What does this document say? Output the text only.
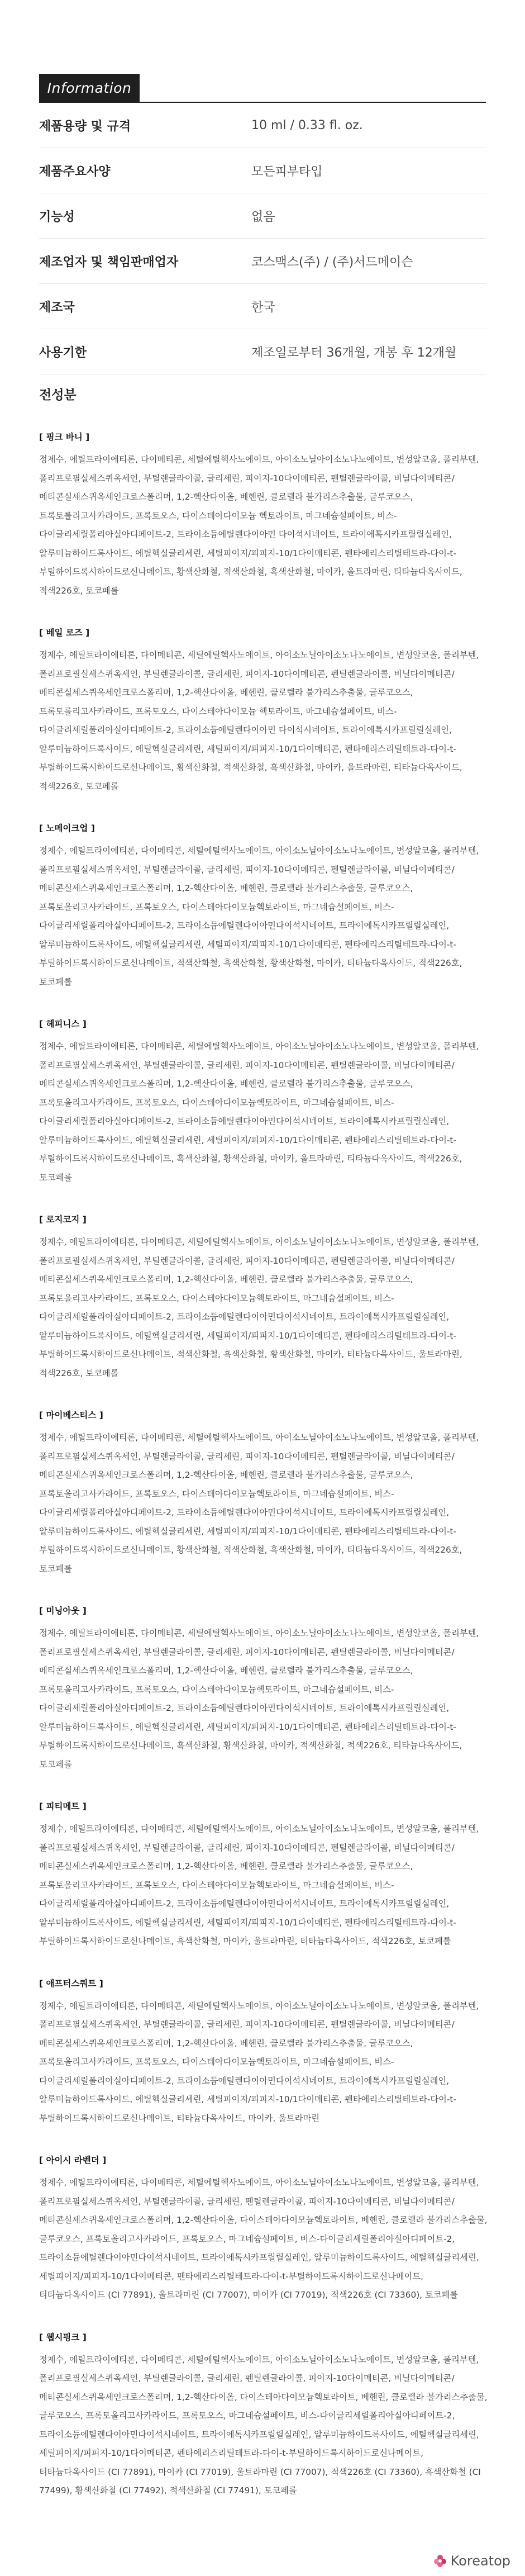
Information
제품용량 및 규격	10 ml / 0.33 fl. oz.
제품주요사양	모든피부타입
기능성	없음
제조업자 및 책임판매업자	코스맥스(주) / (주)서드메이슨
제조국	한국
사용기한	제조일로부터 36개월, 개봉 후 12개월
전성분
[ 핑크 바니 ]
정제수, 에틸트라이에티론, 다이메티콘, 세틸에틸헥사노에이트, 아이소노닐아이소노나노에이트, 변성알코올, 폴리부텐, 폴리프로필실세스퀴옥세인, 부틸렌글라이콜, 글리세린, 피이지-10다이메티콘, 펜틸렌글라이콜, 비닐다이메티콘/메티콘실세스퀴옥세인크로스폴리머, 1,2-헥산다이올, 베헨린, 클로렐라 불가리스추출물, 글루코오스, 트록토롤리고사카라이드, 프록토오스, 다이스테아다이모늄 헥토라이트, 마그네슘설페이트, 비스-다이글리세릴폴리아실아디페이트-2, 트라이소듐에틸렌다이아민 다이석시네이트, 트라이에톡시카프릴릴실레인, 알루미늄하이드록사이드, 에틸헥실글리세린, 세틸피이지/피피지-10/1다이메티콘, 펜타에리스리틸테트라-다이-t-부틸하이드록시하이드로신나메이트, 황색산화철, 적색산화철, 흑색산화철, 마이카, 울트라마린, 티타늄다옥사이드, 적색226호, 토코페롤
[ 베일 로즈 ]
정제수, 에틸트라이에티론, 다이메티콘, 세틸에틸헥사노에이트, 아이소노닐아이소노나노에이트, 변성알코올, 폴리부텐, 폴리프로필실세스퀴옥세인, 부틸렌글라이콜, 글리세린, 피이지-10다이메티콘, 펜틸렌글라이콜, 비닐다이메티콘/메티콘실세스퀴옥세인크로스폴리머, 1,2-헥산다이올, 베헨린, 클로렐라 불가리스추출물, 글루코오스, 트록토롤리고사카라이드, 프록토오스, 다이스테아다이모늄 헥토라이트, 마그네슘설페이트, 비스-다이글리세릴폴리아실아디페이트-2, 트라이소듐에틸렌다이아민 다이석시네이트, 트라이에톡시카프릴릴실레인, 알루미늄하이드록사이드, 에틸헥실글리세린, 세틸피이지/피피지-10/1다이메티콘, 펜타에리스리틸테트라-다이-t-부틸하이드록시하이드로신나메이트, 황색산화철, 적색산화철, 흑색산화철, 마이카, 울트라마린, 티타늄다옥사이드, 적색226호, 토코페롤
[ 노메이크업 ]
정제수, 에틸트라이에티론, 다이메티콘, 세틸에틸헥사노에이트, 아이소노닐아이소노나노에이트, 변성알코올, 폴리부텐, 폴리프로필실세스퀴옥세인, 부틸렌글라이콜, 글리세린, 피이지-10다이메티콘, 펜틸렌글라이콜, 비닐다이메티콘/메티콘실세스퀴옥세인크로스폴리머, 1,2-헥산다이올, 베헨린, 클로렐라 불가리스추출물, 글루코오스, 프록토올리고사카라이드, 프록토오스, 다이스테아다이모늄헥토라이트, 마그네슘설페이트, 비스-다이글리세릴폴리아실아디페이트-2, 트라이소듐에틸렌다이아민다이석시네이트, 트라이에톡시카프릴릴실레인, 알루미늄하이드록사이드, 에틸헥실글리세린, 세틸피이지/피피지-10/1다이메티콘, 펜타에리스리틸테트라-다이-t-부틸하이드록시하이드로신나메이트, 적색산화철, 흑색산화철, 황색산화철, 마이카, 티타늄다옥사이드, 적색226호, 토코페롤
[ 헤피니스 ]
정제수, 에틸트라이에티론, 다이메티콘, 세틸에틸헥사노에이트, 아이소노닐아이소노나노에이트, 변성알코올, 폴리부텐, 폴리프로필실세스퀴옥세인, 부틸렌글라이콜, 글리세린, 피이지-10다이메티콘, 펜틸렌글라이콜, 비닐다이메티콘/메티콘실세스퀴옥세인크로스폴리머, 1,2-헥산다이올, 베헨린, 클로렐라 불가리스추출물, 글루코오스, 프록토올리고사카라이드, 프록토오스, 다이스테아다이모늄헥토라이트, 마그네슘설페이트, 비스-다이글리세릴폴리아실아디페이트-2, 트라이소듐에틸렌다이아민다이석시네이트, 트라이에톡시카프릴릴실레인, 알루미늄하이드록사이드, 에틸헥실글리세린, 세틸피이지/피피지-10/1다이메티콘, 펜타에리스리틸테트라-다이-t-부틸하이드록시하이드로신나메이트, 흑색산화철, 황색산화철, 마이카, 울트라마린, 티타늄다옥사이드, 적색226호, 토코페롤
[ 로지코지 ]
정제수, 에틸트라이에티론, 다이메티콘, 세틸에틸헥사노에이트, 아이소노닐아이소노나노에이트, 변성알코올, 폴리부텐, 폴리프로필실세스퀴옥세인, 부틸렌글라이콜, 글리세린, 피이지-10다이메티콘, 펜틸렌글라이콜, 비닐다이메티콘/메티콘실세스퀴옥세인크로스폴리머, 1,2-헥산다이올, 베헨린, 클로렐라 불가리스추출물, 글루코오스, 프록토올리고사카라이드, 프록토오스, 다이스테아다이모늄헥토라이트, 마그네슘설페이트, 비스-다이글리세릴폴리아실아디페이트-2, 트라이소듐에틸렌다이아민다이석시네이트, 트라이에톡시카프릴릴실레인, 알루미늄하이드록사이드, 에틸헥실글리세린, 세틸피이지/피피지-10/1다이메티콘, 펜타에리스리틸테트라-다이-t-부틸하이드록시하이드로신나메이트, 적색산화철, 흑색산화철, 황색산화철, 마이카, 티타늄다옥사이드, 울트라마린, 적색226호, 토코페롤
[ 마이베스티스 ]
정제수, 에틸트라이에티론, 다이메티콘, 세틸에틸헥사노에이트, 아이소노닐아이소노나노에이트, 변성알코올, 폴리부텐, 폴리프로필실세스퀴옥세인, 부틸렌글라이콜, 글리세린, 피이지-10다이메티콘, 펜틸렌글라이콜, 비닐다이메티콘/메티콘실세스퀴옥세인크로스폴리머, 1,2-헥산다이올, 베헨린, 클로렐라 불가리스추출물, 글루코오스, 프록토올리고사카라이드, 프록토오스, 다이스테아다이모늄헥토라이트, 마그네슘설페이트, 비스-다이글리세릴폴리아실아디페이트-2, 트라이소듐에틸렌다이아민다이석시네이트, 트라이에톡시카프릴릴실레인, 알루미늄하이드록사이드, 에틸헥실글리세린, 세틸피이지/피피지-10/1다이메티콘, 펜타에리스리틸테트라-다이-t-부틸하이드록시하이드로신나메이트, 황색산화철, 적색산화철, 흑색산화철, 마이카, 티타늄다옥사이드, 적색226호, 토코페롤
[ 미닝아웃 ]
정제수, 에틸트라이에티론, 다이메티콘, 세틸에틸헥사노에이트, 아이소노닐아이소노나노에이트, 변성알코올, 폴리부텐, 폴리프로필실세스퀴옥세인, 부틸렌글라이콜, 글리세린, 피이지-10다이메티콘, 펜틸렌글라이콜, 비닐다이메티콘/메티콘실세스퀴옥세인크로스폴리머, 1,2-헥산다이올, 베헨린, 클로렐라 불가리스추출물, 글루코오스, 프록토올리고사카라이드, 프록토오스, 다이스테아다이모늄헥토라이트, 마그네슘설페이트, 비스-다이글리세릴폴리아실아디페이트-2, 트라이소듐에틸렌다이아민다이석시네이트, 트라이에톡시카프릴릴실레인, 알루미늄하이드록사이드, 에틸헥실글리세린, 세틸피이지/피피지-10/1다이메티콘, 펜타에리스리틸테트라-다이-t-부틸하이드록시하이드로신나메이트, 흑색산화철, 황색산화철, 마이카, 적색산화철, 적색226호, 티타늄다옥사이드, 토코페롤
[ 피티메트 ]
정제수, 에틸트라이에티론, 다이메티콘, 세틸에틸헥사노에이트, 아이소노닐아이소노나노에이트, 변성알코올, 폴리부텐, 폴리프로필실세스퀴옥세인, 부틸렌글라이콜, 글리세린, 피이지-10다이메티콘, 펜틸렌글라이콜, 비닐다이메티콘/메티콘실세스퀴옥세인크로스폴리머, 1,2-헥산다이올, 베헨린, 클로렐라 불가리스추출물, 글루코오스, 프록토올리고사카라이드, 프록토오스, 다이스테아다이모늄헥토라이트, 마그네슘설페이트, 비스-다이글리세릴폴리아실아디페이트-2, 트라이소듐에틸렌다이아민다이석시네이트, 트라이에톡시카프릴릴실레인, 알루미늄하이드록사이드, 에틸헥실글리세린, 세틸피이지/피피지-10/1다이메티콘, 펜타에리스리틸테트라-다이-t-부틸하이드록시하이드로신나메이트, 흑색산화철, 마이카, 울트라마린, 티타늄다옥사이드, 적색226호, 토코페롤
[ 애프터스쿼트 ]
정제수, 에틸트라이에티론, 다이메티콘, 세틸에틸헥사노에이트, 아이소노닐아이소노나노에이트, 변성알코올, 폴리부텐, 폴리프로필실세스퀴옥세인, 부틸렌글라이콜, 글리세린, 피이지-10다이메티콘, 펜틸렌글라이콜, 비닐다이메티콘/메티콘실세스퀴옥세인크로스폴리머, 1,2-헥산다이올, 베헨린, 클로렐라 불가리스추출물, 글루코오스, 프록토올리고사카라이드, 프록토오스, 다이스테아다이모늄헥토라이트, 마그네슘설페이트, 비스-다이글리세릴폴리아실아디페이트-2, 트라이소듐에틸렌다이아민다이석시네이트, 트라이에톡시카프릴릴실레인, 알루미늄하이드록사이드, 에틸헥실글리세린, 세틸피이지/피피지-10/1다이메티콘, 펜타에리스리틸테트라-다이-t-부틸하이드록시하이드로신나메이트, 티타늄다옥사이드, 마이카, 울트라마린
[ 아이시 라벤더 ]
정제수, 에틸트라이에티론, 다이메티콘, 세틸에틸헥사노에이트, 아이소노닐아이소노나노에이트, 변성알코올, 폴리부텐, 폴리프로필실세스퀴옥세인, 부틸렌글라이콜, 글리세린, 펜틸렌글라이콜, 피이지-10다이메티콘, 비닐다이메티콘/메티콘실세스퀴옥세인크로스폴리머, 1,2-헥산다이올, 다이스테아다이모늄헥토라이트, 베헨린, 클로렐라 불가리스추출물, 글루코오스, 프록토올리고사카라이드, 프록토오스, 마그네슘설페이트, 비스-다이글리세릴폴리아실아디페이트-2, 트라이소듐에틸렌다이아민다이석시네이트, 트라이에톡시카프릴릴실레인, 알루미늄하이드록사이드, 에틸헥실글리세린, 세틸피이지/피피지-10/1다이메티콘, 펜타에리스리틸테트라-다이-t-부틸하이드록시하이드로신나메이트, 티타늄다옥사이드 (CI 77891), 울트라마린 (CI 77007), 마이카 (CI 77019), 적색226호 (CI 73360), 토코페롤
[ 웹시핑크 ]
정제수, 에틸트라이에티론, 다이메티콘, 세틸에틸헥사노에이트, 아이소노닐아이소노나노에이트, 변성알코올, 폴리부텐, 폴리프로필실세스퀴옥세인, 부틸렌글라이콜, 글리세린, 펜틸렌글라이콜, 피이지-10다이메티콘, 비닐다이메티콘/메티콘실세스퀴옥세인크로스폴리머, 1,2-헥산다이올, 다이스테아다이모늄헥토라이트, 베헨린, 클로렐라 불가리스추출물, 글루코오스, 프록토올리고사카라이드, 프록토오스, 마그네슘설페이트, 비스-다이글리세릴폴리아실아디페이트-2, 트라이소듐에틸렌다이아민다이석시네이트, 트라이에톡시카프릴릴실레인, 알루미늄하이드록사이드, 에틸헥실글리세린, 세틸피이지/피피지-10/1다이메티콘, 펜타에리스리틸테트라-다이-t-부틸하이드록시하이드로신나메이트, 티타늄다옥사이드 (CI 77891), 마이카 (CI 77019), 울트라마린 (CI 77007), 적색226호 (CI 73360), 흑색산화철 (CI 77499), 황색산화철 (CI 77492), 적색산화철 (CI 77491), 토코페롤
Koreatop
